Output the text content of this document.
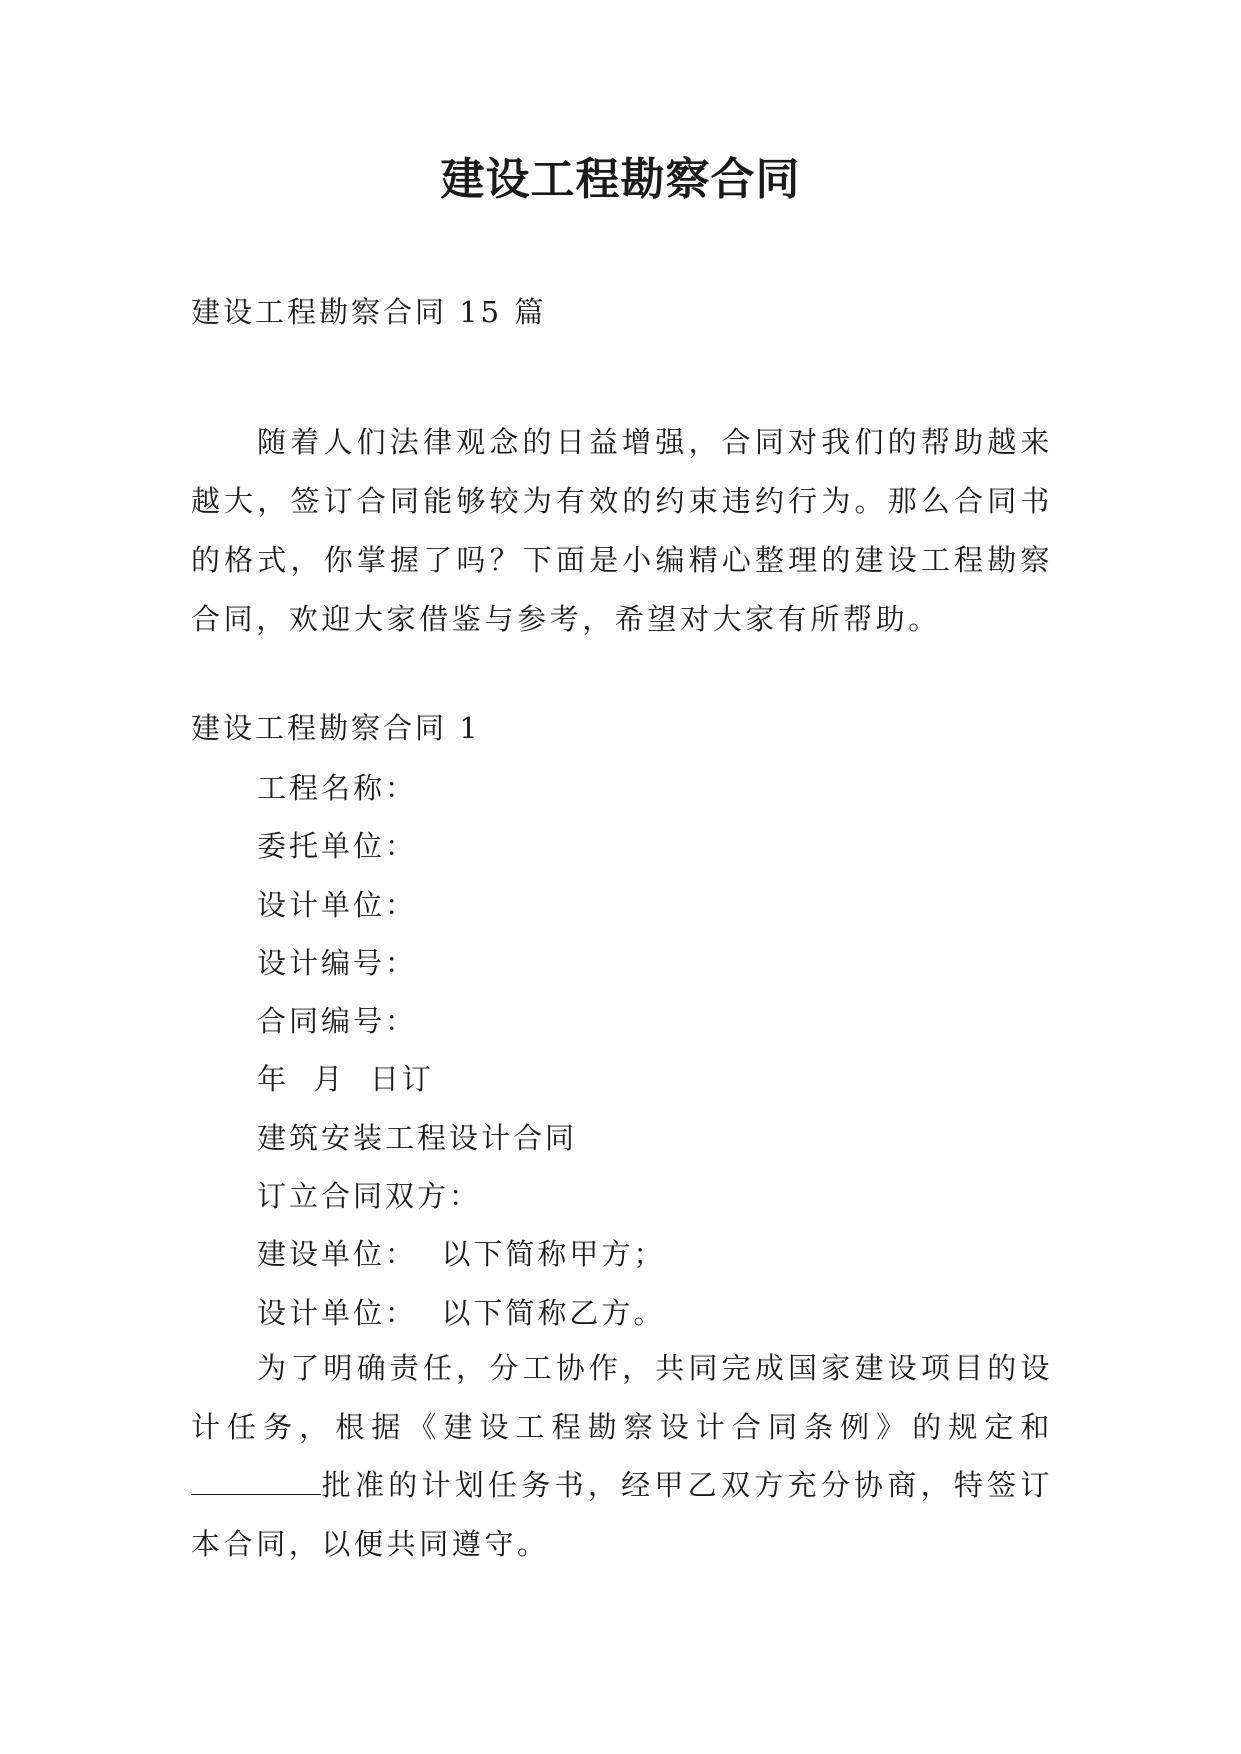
建设工程勘察合同

建设工程勘察合同 15 篇

随着人们法律观念的日益增强，合同对我们的帮助越来越大，签订合同能够较为有效的约束违约行为。那么合同书的格式，你掌握了吗？下面是小编精心整理的建设工程勘察合同，欢迎大家借鉴与参考，希望对大家有所帮助。

建设工程勘察合同 1

工程名称：
委托单位：
设计单位：
设计编号：
合同编号：
年  月  日订
建筑安装工程设计合同
订立合同双方：
建设单位：  以下简称甲方；
设计单位：  以下简称乙方。

为了明确责任，分工协作，共同完成国家建设项目的设计任务，根据《建设工程勘察设计合同条例》的规定和批准的计划任务书，经甲乙双方充分协商，特签订本合同，以便共同遵守。
